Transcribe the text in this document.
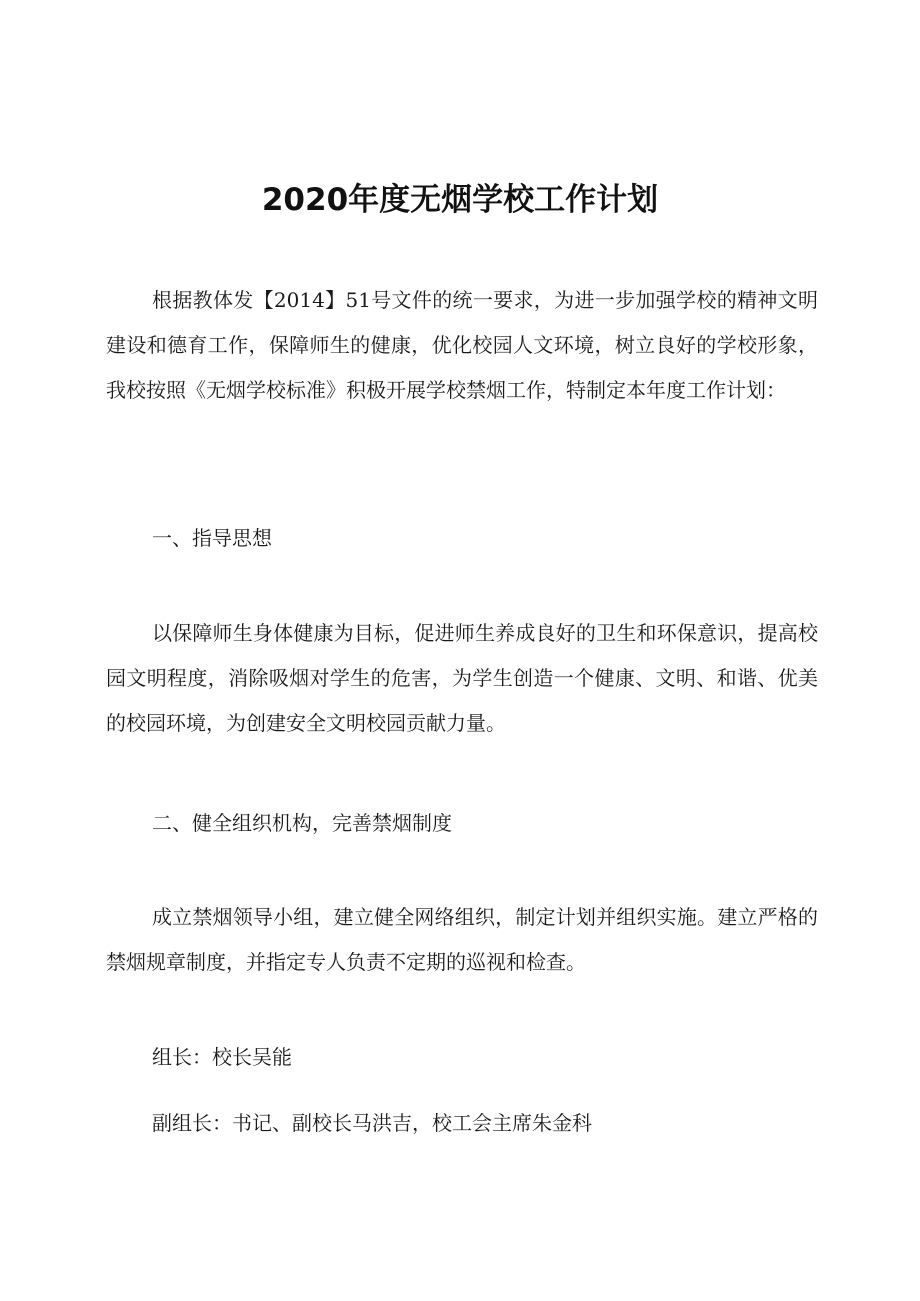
2020年度无烟学校工作计划
根据教体发【2014】51号文件的统一要求，为进一步加强学校的精神文明建设和德育工作，保障师生的健康，优化校园人文环境，树立良好的学校形象，我校按照《无烟学校标准》积极开展学校禁烟工作，特制定本年度工作计划：
一、指导思想
以保障师生身体健康为目标，促进师生养成良好的卫生和环保意识，提高校园文明程度，消除吸烟对学生的危害，为学生创造一个健康、文明、和谐、优美的校园环境，为创建安全文明校园贡献力量。
二、健全组织机构，完善禁烟制度
成立禁烟领导小组，建立健全网络组织，制定计划并组织实施。建立严格的禁烟规章制度，并指定专人负责不定期的巡视和检查。
组长：校长吴能
副组长：书记、副校长马洪吉，校工会主席朱金科
